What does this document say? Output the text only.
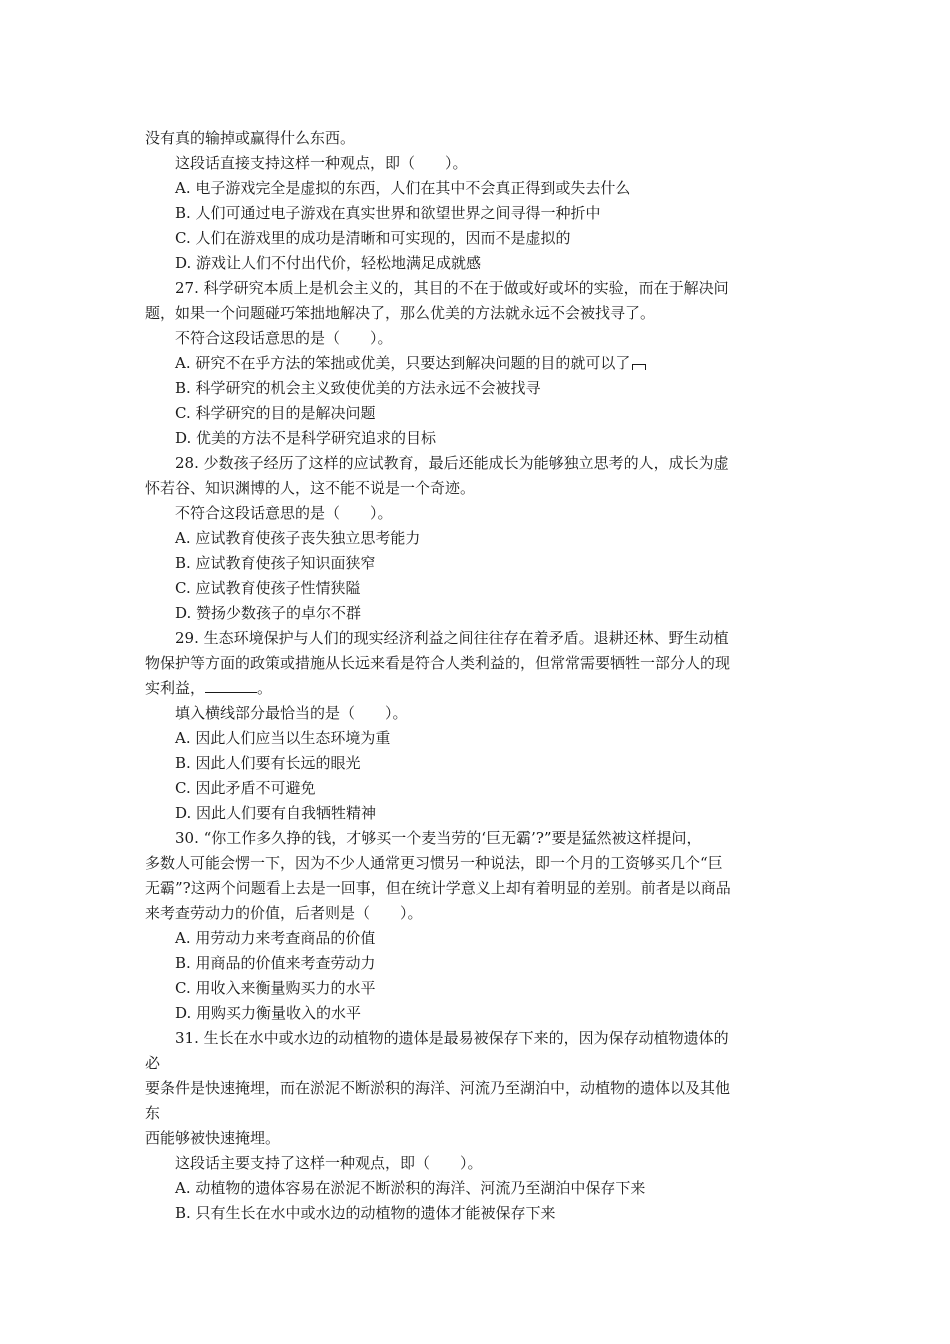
没有真的输掉或赢得什么东西。
这段话直接支持这样一种观点，即（　　）。
A. 电子游戏完全是虚拟的东西，人们在其中不会真正得到或失去什么
B. 人们可通过电子游戏在真实世界和欲望世界之间寻得一种折中
C. 人们在游戏里的成功是清晰和可实现的，因而不是虚拟的
D. 游戏让人们不付出代价，轻松地满足成就感
27. 科学研究本质上是机会主义的，其目的不在于做或好或坏的实验，而在于解决问
题，如果一个问题碰巧笨拙地解决了，那么优美的方法就永远不会被找寻了。
不符合这段话意思的是（　　）。
A. 研究不在乎方法的笨拙或优美，只要达到解决问题的目的就可以了
B. 科学研究的机会主义致使优美的方法永远不会被找寻
C. 科学研究的目的是解决问题
D. 优美的方法不是科学研究追求的目标
28. 少数孩子经历了这样的应试教育，最后还能成长为能够独立思考的人，成长为虚
怀若谷、知识渊博的人，这不能不说是一个奇迹。
不符合这段话意思的是（　　）。
A. 应试教育使孩子丧失独立思考能力
B. 应试教育使孩子知识面狭窄
C. 应试教育使孩子性情狭隘
D. 赞扬少数孩子的卓尔不群
29. 生态环境保护与人们的现实经济利益之间往往存在着矛盾。退耕还林、野生动植
物保护等方面的政策或措施从长远来看是符合人类利益的，但常常需要牺牲一部分人的现
实利益，	。
填入横线部分最恰当的是（　　）。
A. 因此人们应当以生态环境为重
B. 因此人们要有长远的眼光
C. 因此矛盾不可避免
D. 因此人们要有自我牺牲精神
30. “你工作多久挣的钱，才够买一个麦当劳的‘巨无霸’?”要是猛然被这样提问，
多数人可能会愣一下，因为不少人通常更习惯另一种说法，即一个月的工资够买几个“巨
无霸”?这两个问题看上去是一回事，但在统计学意义上却有着明显的差别。前者是以商品
来考查劳动力的价值，后者则是（　　）。
A. 用劳动力来考查商品的价值
B. 用商品的价值来考查劳动力
C. 用收入来衡量购买力的水平
D. 用购买力衡量收入的水平
31. 生长在水中或水边的动植物的遗体是最易被保存下来的，因为保存动植物遗体的
必
要条件是快速掩埋，而在淤泥不断淤积的海洋、河流乃至湖泊中，动植物的遗体以及其他
东
西能够被快速掩埋。
这段话主要支持了这样一种观点，即（　　）。
A. 动植物的遗体容易在淤泥不断淤积的海洋、河流乃至湖泊中保存下来
B. 只有生长在水中或水边的动植物的遗体才能被保存下来
